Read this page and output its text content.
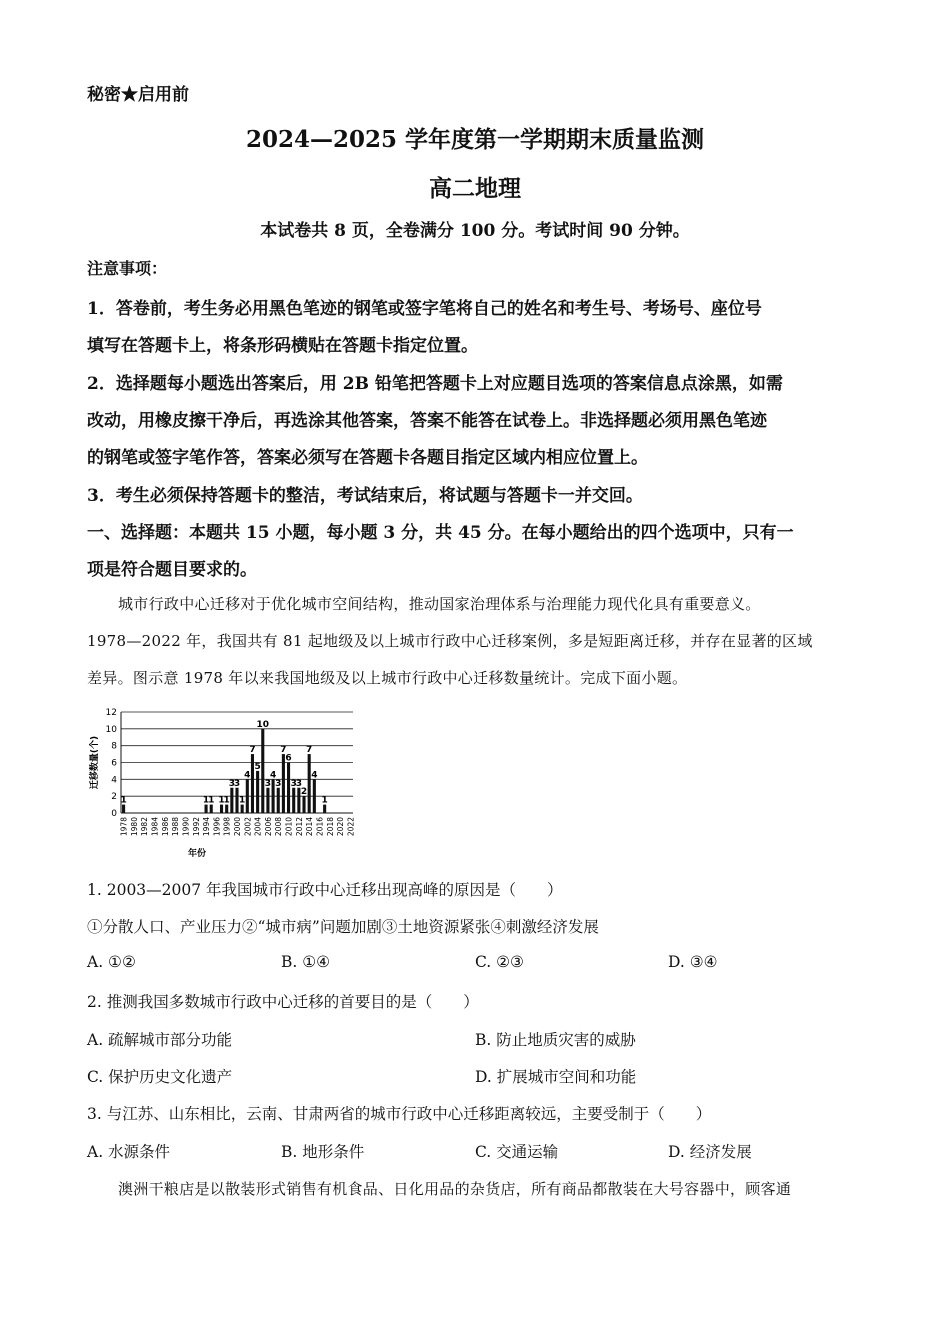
秘密★启用前
2024—2025 学年度第一学期期末质量监测
高二地理
本试卷共 8 页，全卷满分 100 分。考试时间 90 分钟。
注意事项：
1．答卷前，考生务必用黑色笔迹的钢笔或签字笔将自己的姓名和考生号、考场号、座位号
填写在答题卡上，将条形码横贴在答题卡指定位置。
2．选择题每小题选出答案后，用 2B 铅笔把答题卡上对应题目选项的答案信息点涂黑，如需
改动，用橡皮擦干净后，再选涂其他答案，答案不能答在试卷上。非选择题必须用黑色笔迹
的钢笔或签字笔作答，答案必须写在答题卡各题目指定区域内相应位置上。
3．考生必须保持答题卡的整洁，考试结束后，将试题与答题卡一并交回。
一、选择题：本题共 15 小题，每小题 3 分，共 45 分。在每小题给出的四个选项中，只有一
项是符合题目要求的。
城市行政中心迁移对于优化城市空间结构，推动国家治理体系与治理能力现代化具有重要意义。
1978—2022 年，我国共有 81 起地级及以上城市行政中心迁移案例，多是短距离迁移，并存在显著的区域
差异。图示意 1978 年以来我国地级及以上城市行政中心迁移数量统计。完成下面小题。
0
2
4
6
8
10
12
1	1
1 1
1
3
3
1
4
7
5
10
3
4
3
7
6
3
3
2
7
4
1
1978 1980 1982 1984 1986 1988 1990 1992 1994 1996 1998 2000 2002 2004 2006 2008 2010 2012 2014 2016 2018 2020 2022
年份
迁移数量(个)
1. 2003—2007 年我国城市行政中心迁移出现高峰的原因是（　　）
①分散人口、产业压力②“城市病”问题加剧③土地资源紧张④刺激经济发展
A. ①②	B. ①④	C. ②③	D. ③④
2. 推测我国多数城市行政中心迁移的首要目的是（　　）
A. 疏解城市部分功能	B. 防止地质灾害的威胁
C. 保护历史文化遗产	D. 扩展城市空间和功能
3. 与江苏、山东相比，云南、甘肃两省的城市行政中心迁移距离较远，主要受制于（　　）
A. 水源条件	B. 地形条件	C. 交通运输	D. 经济发展
澳洲干粮店是以散装形式销售有机食品、日化用品的杂货店，所有商品都散装在大号容器中，顾客通
